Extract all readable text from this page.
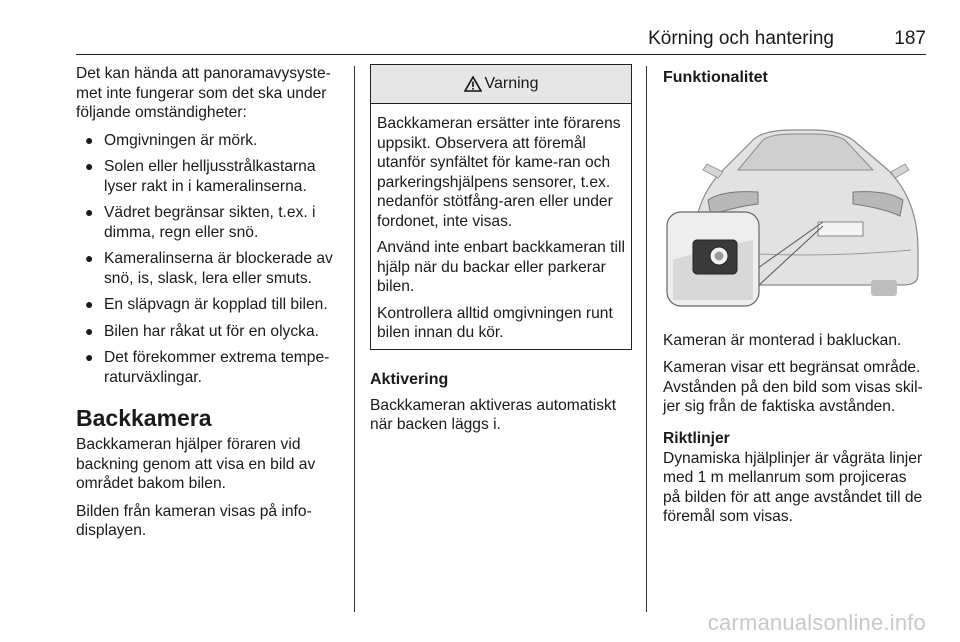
Körning och hantering	187

Det kan hända att panoramavysyste-met inte fungerar som det ska under följande omständigheter:

● Omgivningen är mörk.
● Solen eller helljusstrålkastarna lyser rakt in i kameralinserna.
● Vädret begränsar sikten, t.ex. i dimma, regn eller snö.
● Kameralinserna är blockerade av snö, is, slask, lera eller smuts.
● En släpvagn är kopplad till bilen.
● Bilen har råkat ut för en olycka.
● Det förekommer extrema tempe-raturväxlingar.
Backkamera

Backkameran hjälper föraren vid backning genom att visa en bild av området bakom bilen.

Bilden från kameran visas på info-displayen.

Varning

Backkameran ersätter inte förarens uppsikt. Observera att föremål utanför synfältet för kame-ran och parkeringshjälpens sensorer, t.ex. nedanför stötfång-aren eller under fordonet, inte visas.

Använd inte enbart backkameran till hjälp när du backar eller parkerar bilen.

Kontrollera alltid omgivningen runt bilen innan du kör.

Aktivering

Backkameran aktiveras automatiskt när backen läggs i.

Funktionalitet

Kameran är monterad i bakluckan.

Kameran visar ett begränsat område. Avstånden på den bild som visas skil-jer sig från de faktiska avstånden.

Riktlinjer

Dynamiska hjälplinjer är vågräta linjer med 1 m mellanrum som projiceras på bilden för att ange avståndet till de föremål som visas.

carmanualsonline.info
